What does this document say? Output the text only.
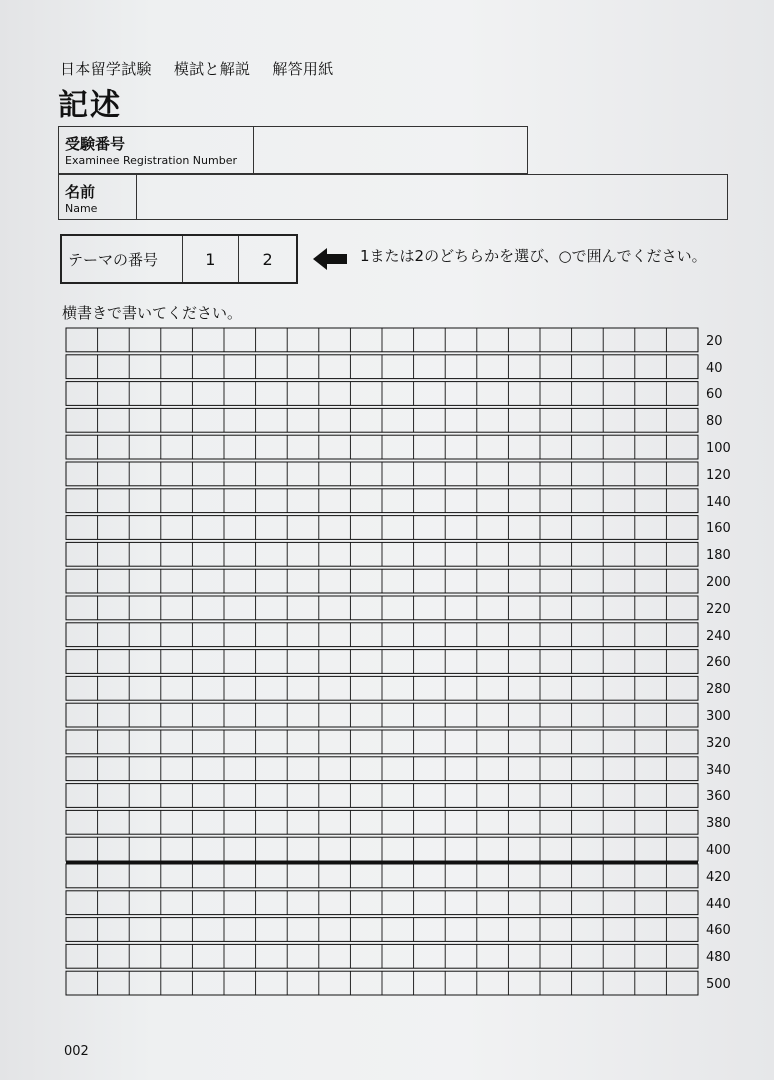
日本留学試験 模試と解説 解答用紙
記述
受験番号
Examinee Registration Number
名前
Name
テーマの番号	1	2	1または2のどちらかを選び、○で囲んでください。
横書きで書いてください。
20
40
60
80
100
120
140
160
180
200
220
240
260
280
300
320
340
360
380
400
420
440
460
480
500
002
